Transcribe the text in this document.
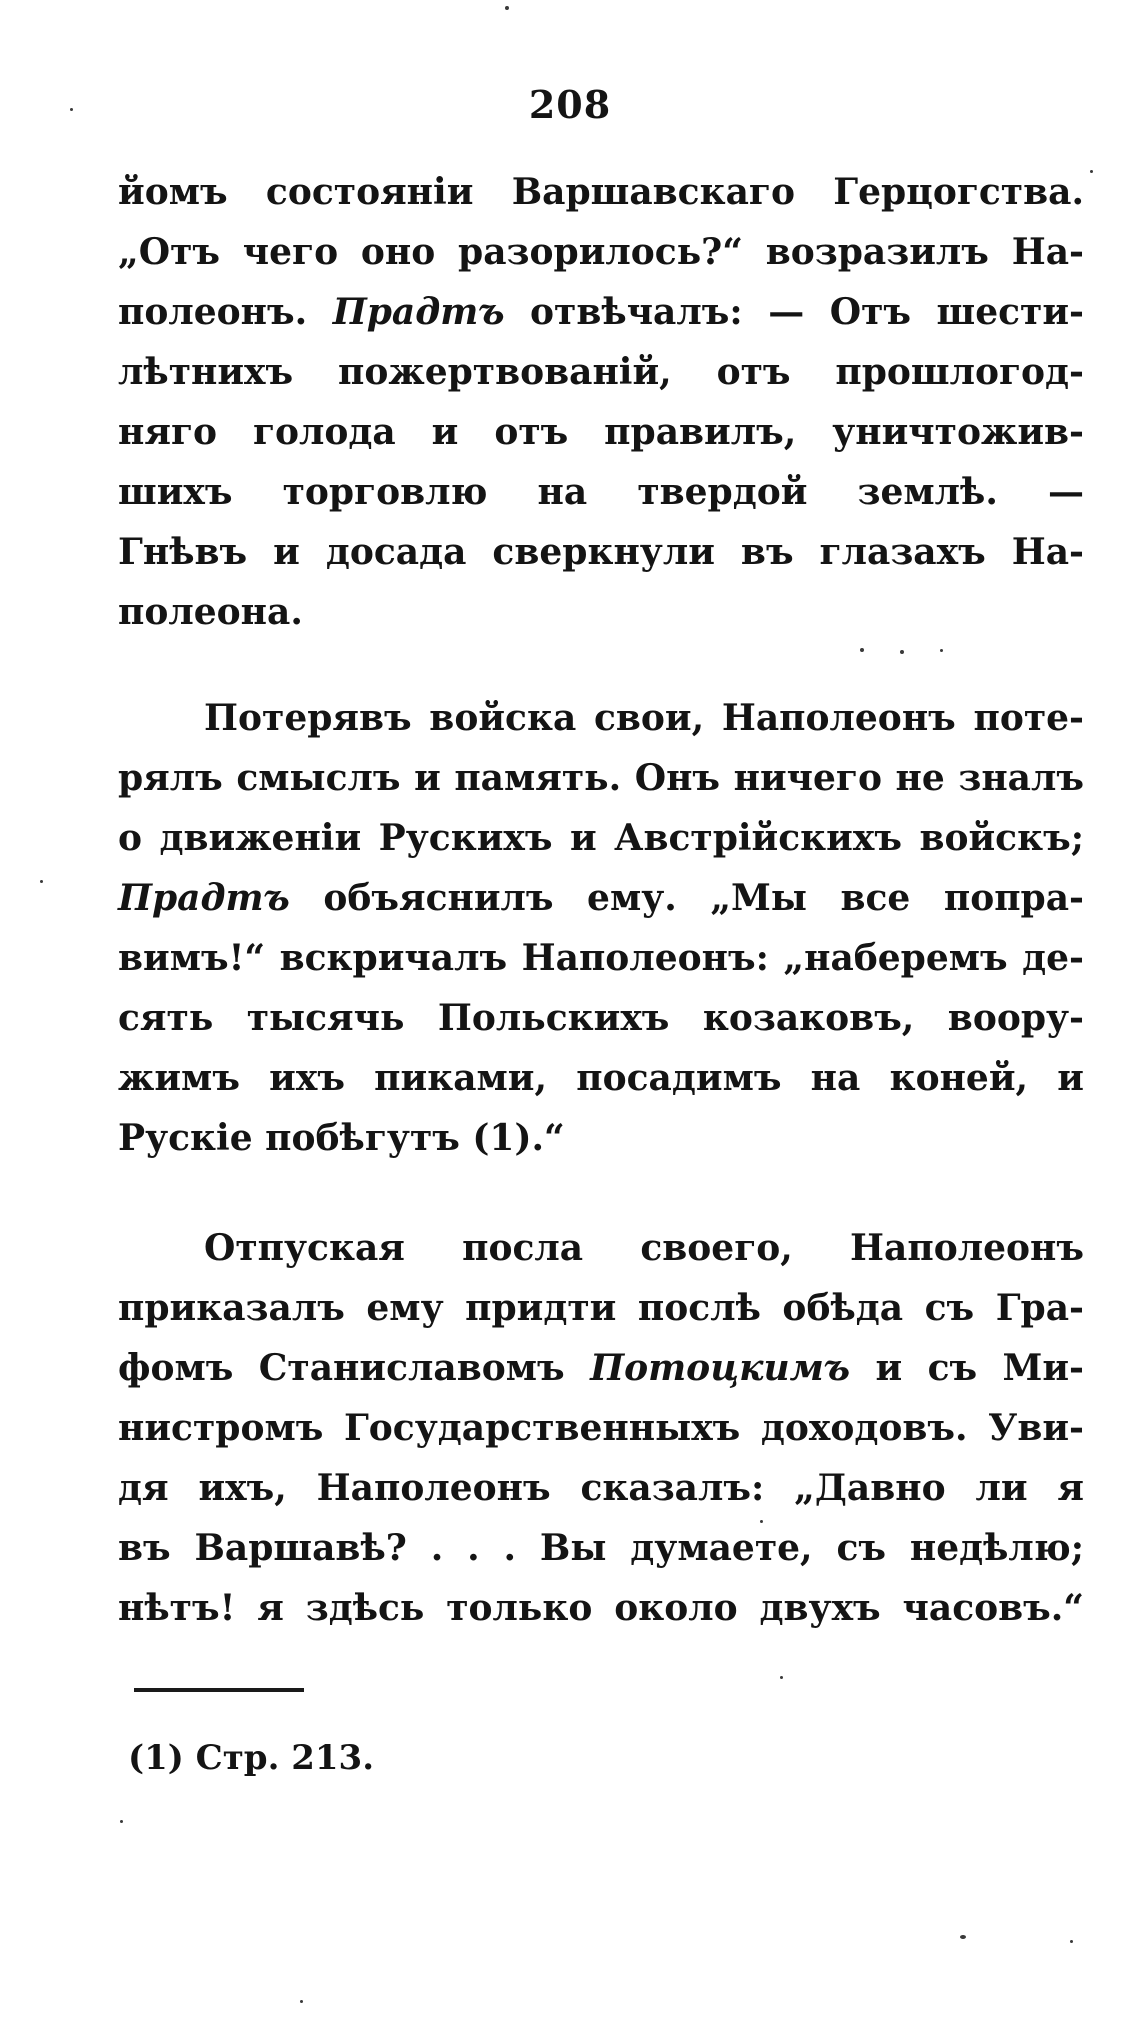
208
йомъ состоянiи Варшавскаго Герцогства.
„Отъ чего оно разорилось?“ возразилъ На-
полеонъ. Прадтъ отвѣчалъ: — Отъ шести-
лѣтнихъ пожертвованiй, отъ прошлогод-
няго голода и отъ правилъ, уничтожив-
шихъ торговлю на твердой землѣ. —
Гнѣвъ и досада сверкнули въ глазахъ На-
полеона.
Потерявъ войска свои, Наполеонъ поте-
рялъ смыслъ и память. Онъ ничего не зналъ
о движенiи Рускихъ и Австрiйскихъ войскъ;
Прадтъ объяснилъ ему. „Мы все попра-
вимъ!“ вскричалъ Наполеонъ: „наберемъ де-
сять тысячь Польскихъ козаковъ, воору-
жимъ ихъ пиками, посадимъ на коней, и
Рускiе побѣгутъ (1).“
Отпуская посла своего, Наполеонъ
приказалъ ему придти послѣ обѣда съ Гра-
фомъ Станиславомъ Потоцкимъ и съ Ми-
нистромъ Государственныхъ доходовъ. Уви-
дя ихъ, Наполеонъ сказалъ: „Давно ли я
въ Варшавѣ? . . . Вы думаете, съ недѣлю;
нѣтъ! я здѣсь только около двухъ часовъ.“
(1) Стр. 213.
